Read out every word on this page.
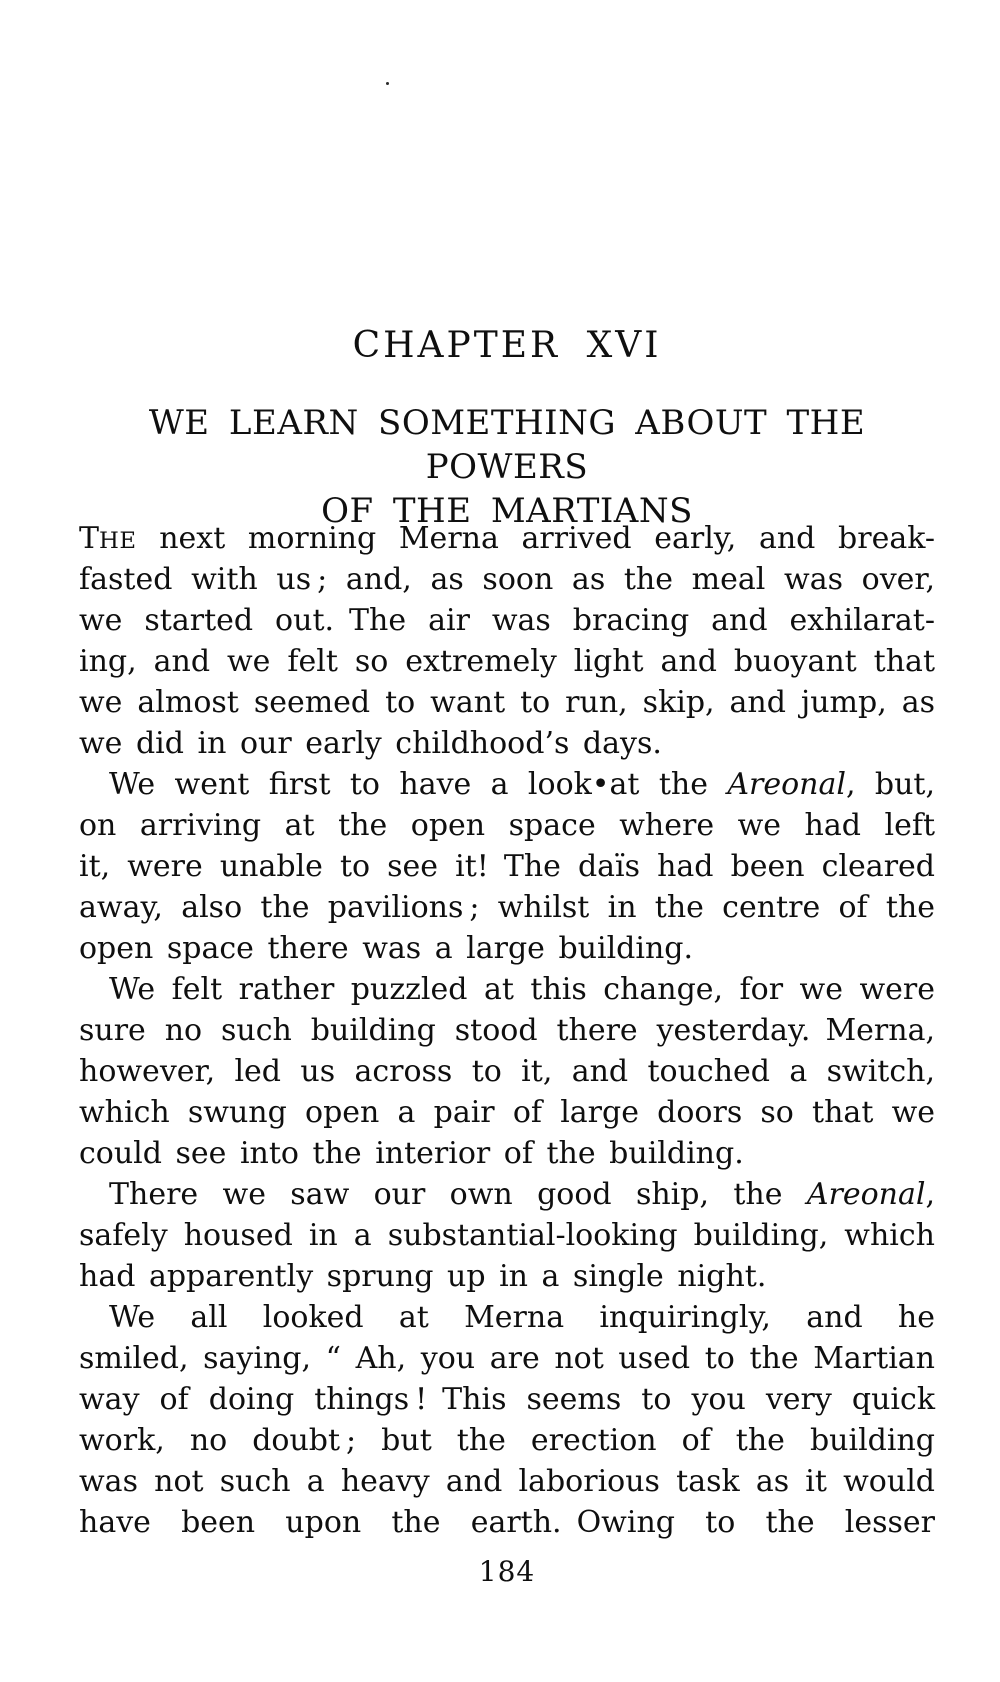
CHAPTER XVI
WE LEARN SOMETHING ABOUT THE POWERS
OF THE MARTIANS
THE next morning Merna arrived early, and break-
fasted with us ; and, as soon as the meal was over,
we started out. The air was bracing and exhilarat-
ing, and we felt so extremely light and buoyant that
we almost seemed to want to run, skip, and jump, as
we did in our early childhood’s days.
We went first to have a look•at the Areonal, but,
on arriving at the open space where we had left
it, were unable to see it! The daïs had been cleared
away, also the pavilions ; whilst in the centre of the
open space there was a large building.
We felt rather puzzled at this change, for we were
sure no such building stood there yesterday. Merna,
however, led us across to it, and touched a switch,
which swung open a pair of large doors so that we
could see into the interior of the building.
There we saw our own good ship, the Areonal,
safely housed in a substantial-looking building, which
had apparently sprung up in a single night.
We all looked at Merna inquiringly, and he
smiled, saying, “ Ah, you are not used to the Martian
way of doing things ! This seems to you very quick
work, no doubt ; but the erection of the building
was not such a heavy and laborious task as it would
have been upon the earth. Owing to the lesser
184
